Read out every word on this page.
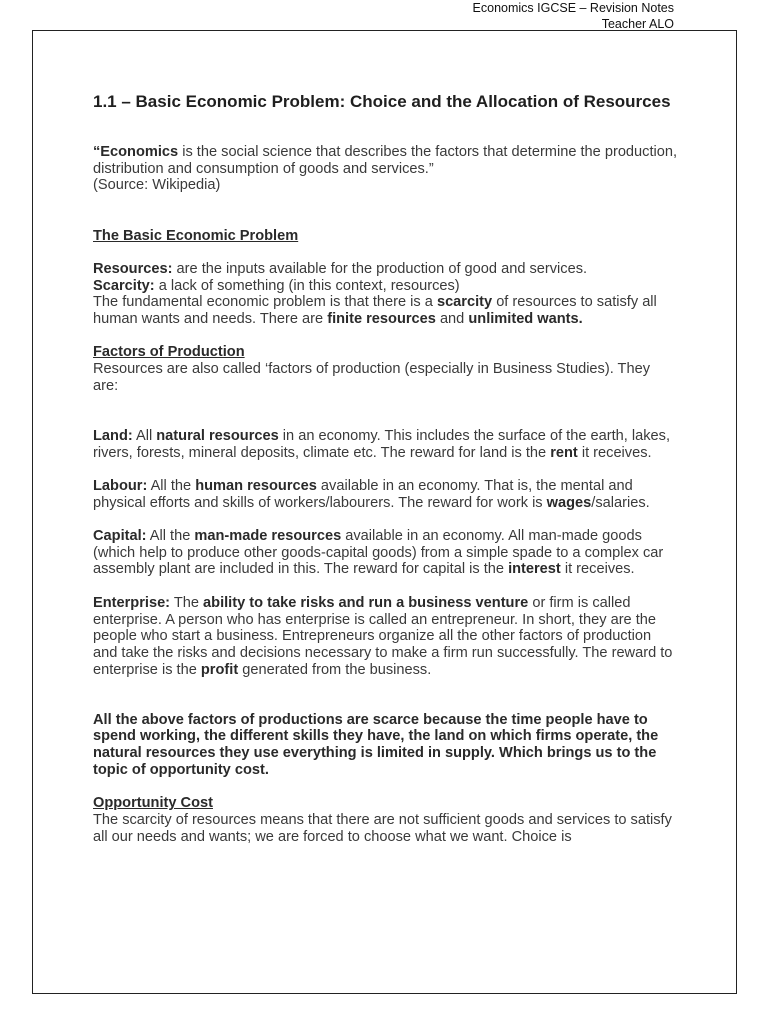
Economics IGCSE – Revision Notes
Teacher ALO
1.1 – Basic Economic Problem: Choice and the Allocation of Resources

“Economics is the social science that describes the factors that determine the production, distribution and consumption of goods and services.”

(Source: Wikipedia)

The Basic Economic Problem

Resources: are the inputs available for the production of good and services.

Scarcity: a lack of something (in this context, resources)

The fundamental economic problem is that there is a scarcity of resources to satisfy all human wants and needs. There are finite resources and unlimited wants.

Factors of Production

Resources are also called ‘factors of production (especially in Business Studies). They are:

Land: All natural resources in an economy. This includes the surface of the earth, lakes, rivers, forests, mineral deposits, climate etc. The reward for land is the rent it receives.

Labour: All the human resources available in an economy. That is, the mental and physical efforts and skills of workers/labourers. The reward for work is wages/salaries.

Capital: All the man-made resources available in an economy. All man-made goods (which help to produce other goods-capital goods) from a simple spade to a complex car assembly plant are included in this. The reward for capital is the interest it receives.

Enterprise: The ability to take risks and run a business venture or firm is called enterprise. A person who has enterprise is called an entrepreneur. In short, they are the people who start a business. Entrepreneurs organize all the other factors of production and take the risks and decisions necessary to make a firm run successfully. The reward to enterprise is the profit generated from the business.

All the above factors of productions are scarce because the time people have to spend working, the different skills they have, the land on which firms operate, the natural resources they use everything is limited in supply. Which brings us to the topic of opportunity cost.

Opportunity Cost

The scarcity of resources means that there are not sufficient goods and services to satisfy all our needs and wants; we are forced to choose what we want. Choice is
